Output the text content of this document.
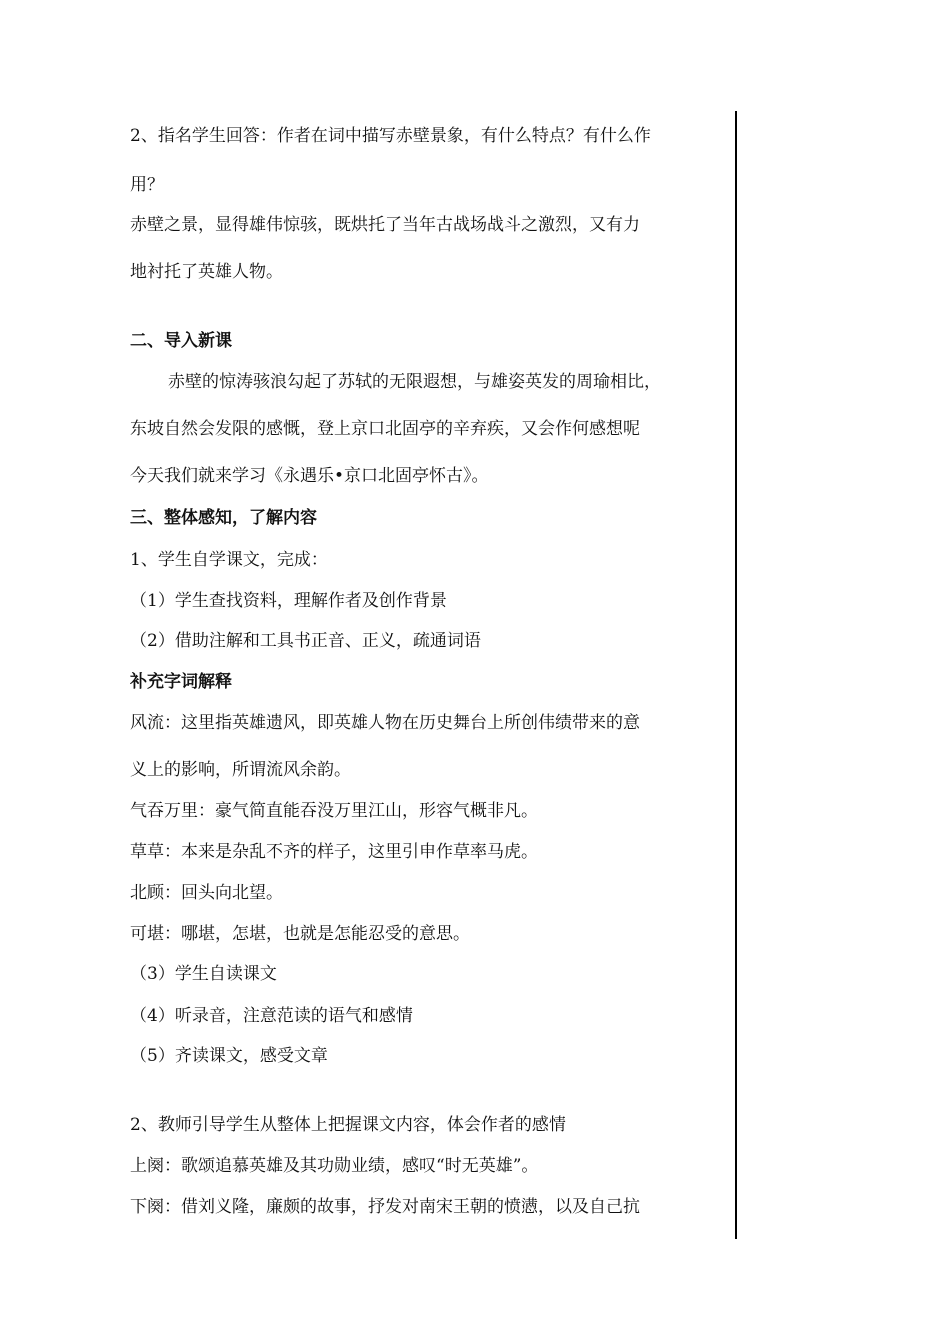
2、指名学生回答：作者在词中描写赤壁景象，有什么特点？有什么作
用？
赤壁之景，显得雄伟惊骇，既烘托了当年古战场战斗之激烈，又有力
地衬托了英雄人物。
二、导入新课
赤壁的惊涛骇浪勾起了苏轼的无限遐想，与雄姿英发的周瑜相比，
东坡自然会发限的感慨，登上京口北固亭的辛弃疾，又会作何感想呢
今天我们就来学习《永遇乐•京口北固亭怀古》。
三、整体感知，了解内容
1、学生自学课文，完成：
（1）学生查找资料，理解作者及创作背景
（2）借助注解和工具书正音、正义，疏通词语
补充字词解释
风流：这里指英雄遗风，即英雄人物在历史舞台上所创伟绩带来的意
义上的影响，所谓流风余韵。
气吞万里：豪气简直能吞没万里江山，形容气概非凡。
草草：本来是杂乱不齐的样子，这里引申作草率马虎。
北顾：回头向北望。
可堪：哪堪，怎堪，也就是怎能忍受的意思。
（3）学生自读课文
（4）听录音，注意范读的语气和感情
（5）齐读课文，感受文章
2、教师引导学生从整体上把握课文内容，体会作者的感情
上阕：歌颂追慕英雄及其功勋业绩，感叹“时无英雄”。
下阕：借刘义隆，廉颇的故事，抒发对南宋王朝的愤懑，以及自己抗
